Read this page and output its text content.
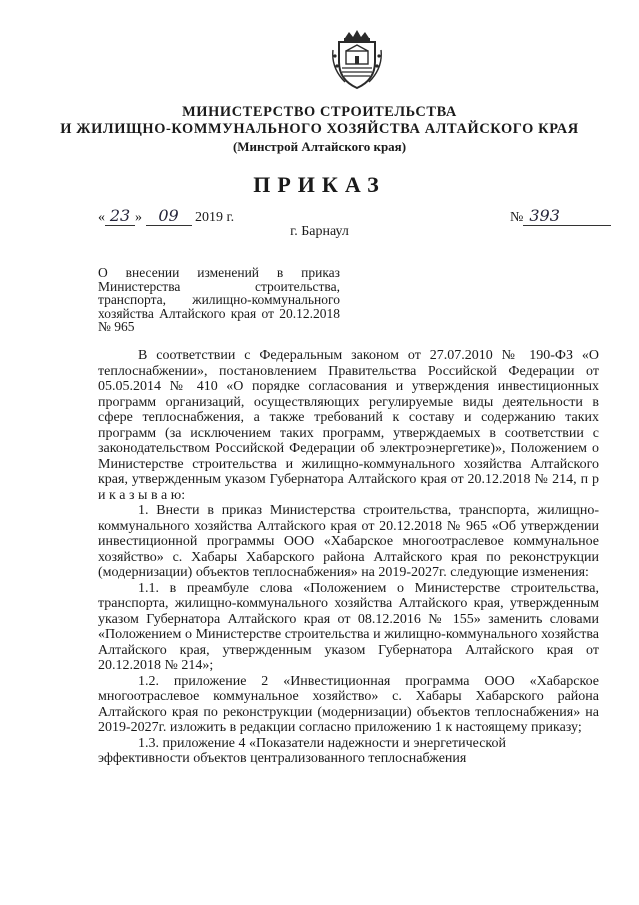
МИНИСТЕРСТВО СТРОИТЕЛЬСТВА

И ЖИЛИЩНО-КОММУНАЛЬНОГО ХОЗЯЙСТВА АЛТАЙСКОГО КРАЯ

(Минстрой Алтайского края)

ПРИКАЗ
« 23 » 09 2019 г.	№ 393
г. Барнаул
О внесении изменений в приказ Министерства строительства, транспорта, жилищно-коммунального хозяйства Алтайского края от 20.12.2018 № 965

В соответствии с Федеральным законом от 27.07.2010 № 190-ФЗ «О теплоснабжении», постановлением Правительства Российской Федерации от 05.05.2014 № 410 «О порядке согласования и утверждения инвестиционных программ организаций, осуществляющих регулируемые виды деятельности в сфере теплоснабжения, а также требований к составу и содержанию таких программ (за исключением таких программ, утверждаемых в соответствии с законодательством Российской Федерации об электроэнергетике)», Положением о Министерстве строительства и жилищно-коммунального хозяйства Алтайского края, утвержденным указом Губернатора Алтайского края от 20.12.2018 № 214, п р и к а з ы в а ю:

1. Внести в приказ Министерства строительства, транспорта, жилищно-коммунального хозяйства Алтайского края от 20.12.2018 № 965 «Об утверждении инвестиционной программы ООО «Хабарское многоотраслевое коммунальное хозяйство» с. Хабары Хабарского района Алтайского края по реконструкции (модернизации) объектов теплоснабжения» на 2019-2027г. следующие изменения:

1.1. в преамбуле слова «Положением о Министерстве строительства, транспорта, жилищно-коммунального хозяйства Алтайского края, утвержденным указом Губернатора Алтайского края от 08.12.2016 № 155» заменить словами «Положением о Министерстве строительства и жилищно-коммунального хозяйства Алтайского края, утвержденным указом Губернатора Алтайского края от 20.12.2018 № 214»;

1.2. приложение 2 «Инвестиционная программа ООО «Хабарское многоотраслевое коммунальное хозяйство» с. Хабары Хабарского района Алтайского края по реконструкции (модернизации) объектов теплоснабжения» на 2019-2027г. изложить в редакции согласно приложению 1 к настоящему приказу;

1.3. приложение 4 «Показатели надежности и энергетической

эффективности объектов централизованного теплоснабжения
